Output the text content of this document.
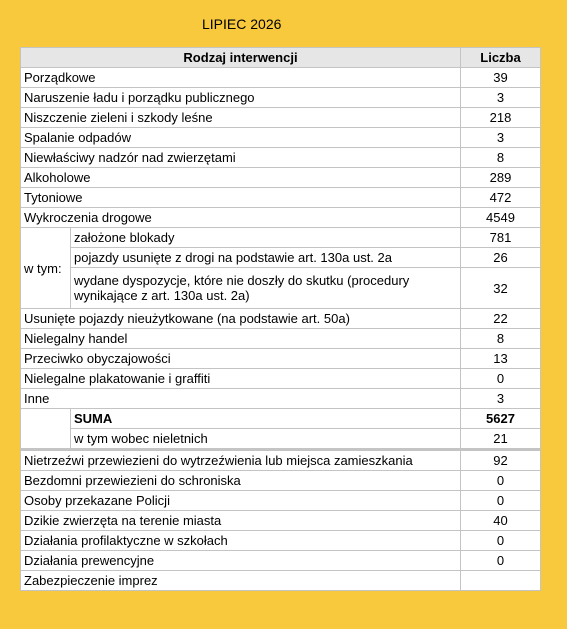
LIPIEC 2026
Rodzaj interwencji		Liczba
Porządkowe		39
Naruszenie ładu i porządku publicznego		3
Niszczenie zieleni i szkody leśne		218
Spalanie odpadów		3
Niewłaściwy nadzór nad zwierzętami		8
Alkoholowe		289
Tytoniowe		472
Wykroczenia drogowe		4549
w tym:	założone blokady	781
	pojazdy usunięte z drogi na podstawie art. 130a ust. 2a	26
	wydane dyspozycje, które nie doszły do skutku (procedury wynikające z art. 130a ust. 2a)	32
Usunięte pojazdy nieużytkowane (na podstawie art. 50a)		22
Nielegalny handel		8
Przeciwko obyczajowości		13
Nielegalne plakatowanie i graffiti		0
Inne		3
	SUMA	5627
	w tym wobec nieletnich	21
Nietrzeźwi przewiezieni do wytrzeźwienia lub miejsca zamieszkania		92
Bezdomni przewiezieni do schroniska		0
Osoby przekazane Policji		0
Dzikie zwierzęta na terenie miasta		40
Działania profilaktyczne w szkołach		0
Działania prewencyjne		0
Zabezpieczenie imprez		
